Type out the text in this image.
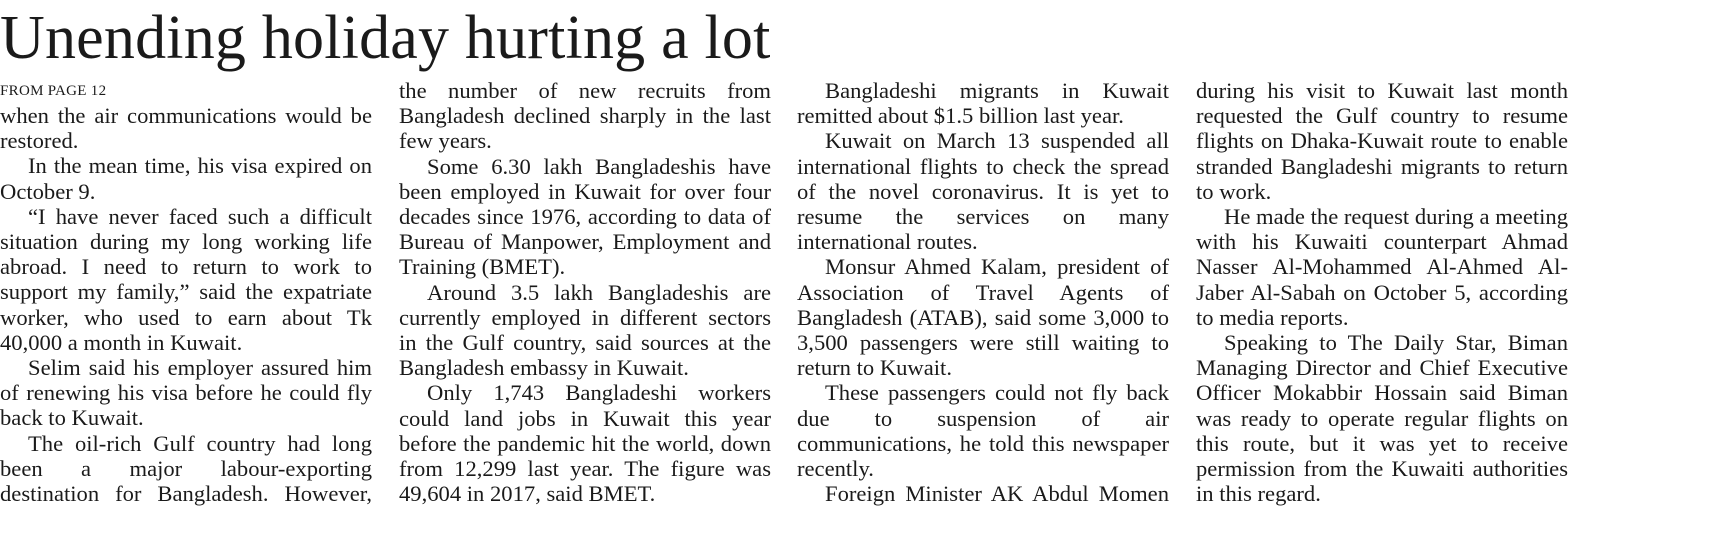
Unending holiday hurting a lot
FROM PAGE 12

when the air communications would be restored.

In the mean time, his visa expired on October 9.

“I have never faced such a difficult situation during my long working life abroad. I need to return to work to support my family,” said the expatriate worker, who used to earn about Tk 40,000 a month in Kuwait.

Selim said his employer assured him of renewing his visa before he could fly back to Kuwait.

The oil-rich Gulf country had long been a major labour-exporting destination for Bangladesh. However,

the number of new recruits from Bangladesh declined sharply in the last few years.

Some 6.30 lakh Bangladeshis have been employed in Kuwait for over four decades since 1976, according to data of Bureau of Manpower, Employment and Training (BMET).

Around 3.5 lakh Bangladeshis are currently employed in different sectors in the Gulf country, said sources at the Bangladesh embassy in Kuwait.

Only 1,743 Bangladeshi workers could land jobs in Kuwait this year before the pandemic hit the world, down from 12,299 last year. The figure was 49,604 in 2017, said BMET.

Bangladeshi migrants in Kuwait remitted about $1.5 billion last year.

Kuwait on March 13 suspended all international flights to check the spread of the novel coronavirus. It is yet to resume the services on many international routes.

Monsur Ahmed Kalam, president of Association of Travel Agents of Bangladesh (ATAB), said some 3,000 to 3,500 passengers were still waiting to return to Kuwait.

These passengers could not fly back due to suspension of air communications, he told this newspaper recently.

Foreign Minister AK Abdul Momen

during his visit to Kuwait last month requested the Gulf country to resume flights on Dhaka-Kuwait route to enable stranded Bangladeshi migrants to return to work.

He made the request during a meeting with his Kuwaiti counterpart Ahmad Nasser Al-Mohammed Al-Ahmed Al-Jaber Al-Sabah on October 5, according to media reports.

Speaking to The Daily Star, Biman Managing Director and Chief Executive Officer Mokabbir Hossain said Biman was ready to operate regular flights on this route, but it was yet to receive permission from the Kuwaiti authorities in this regard.
